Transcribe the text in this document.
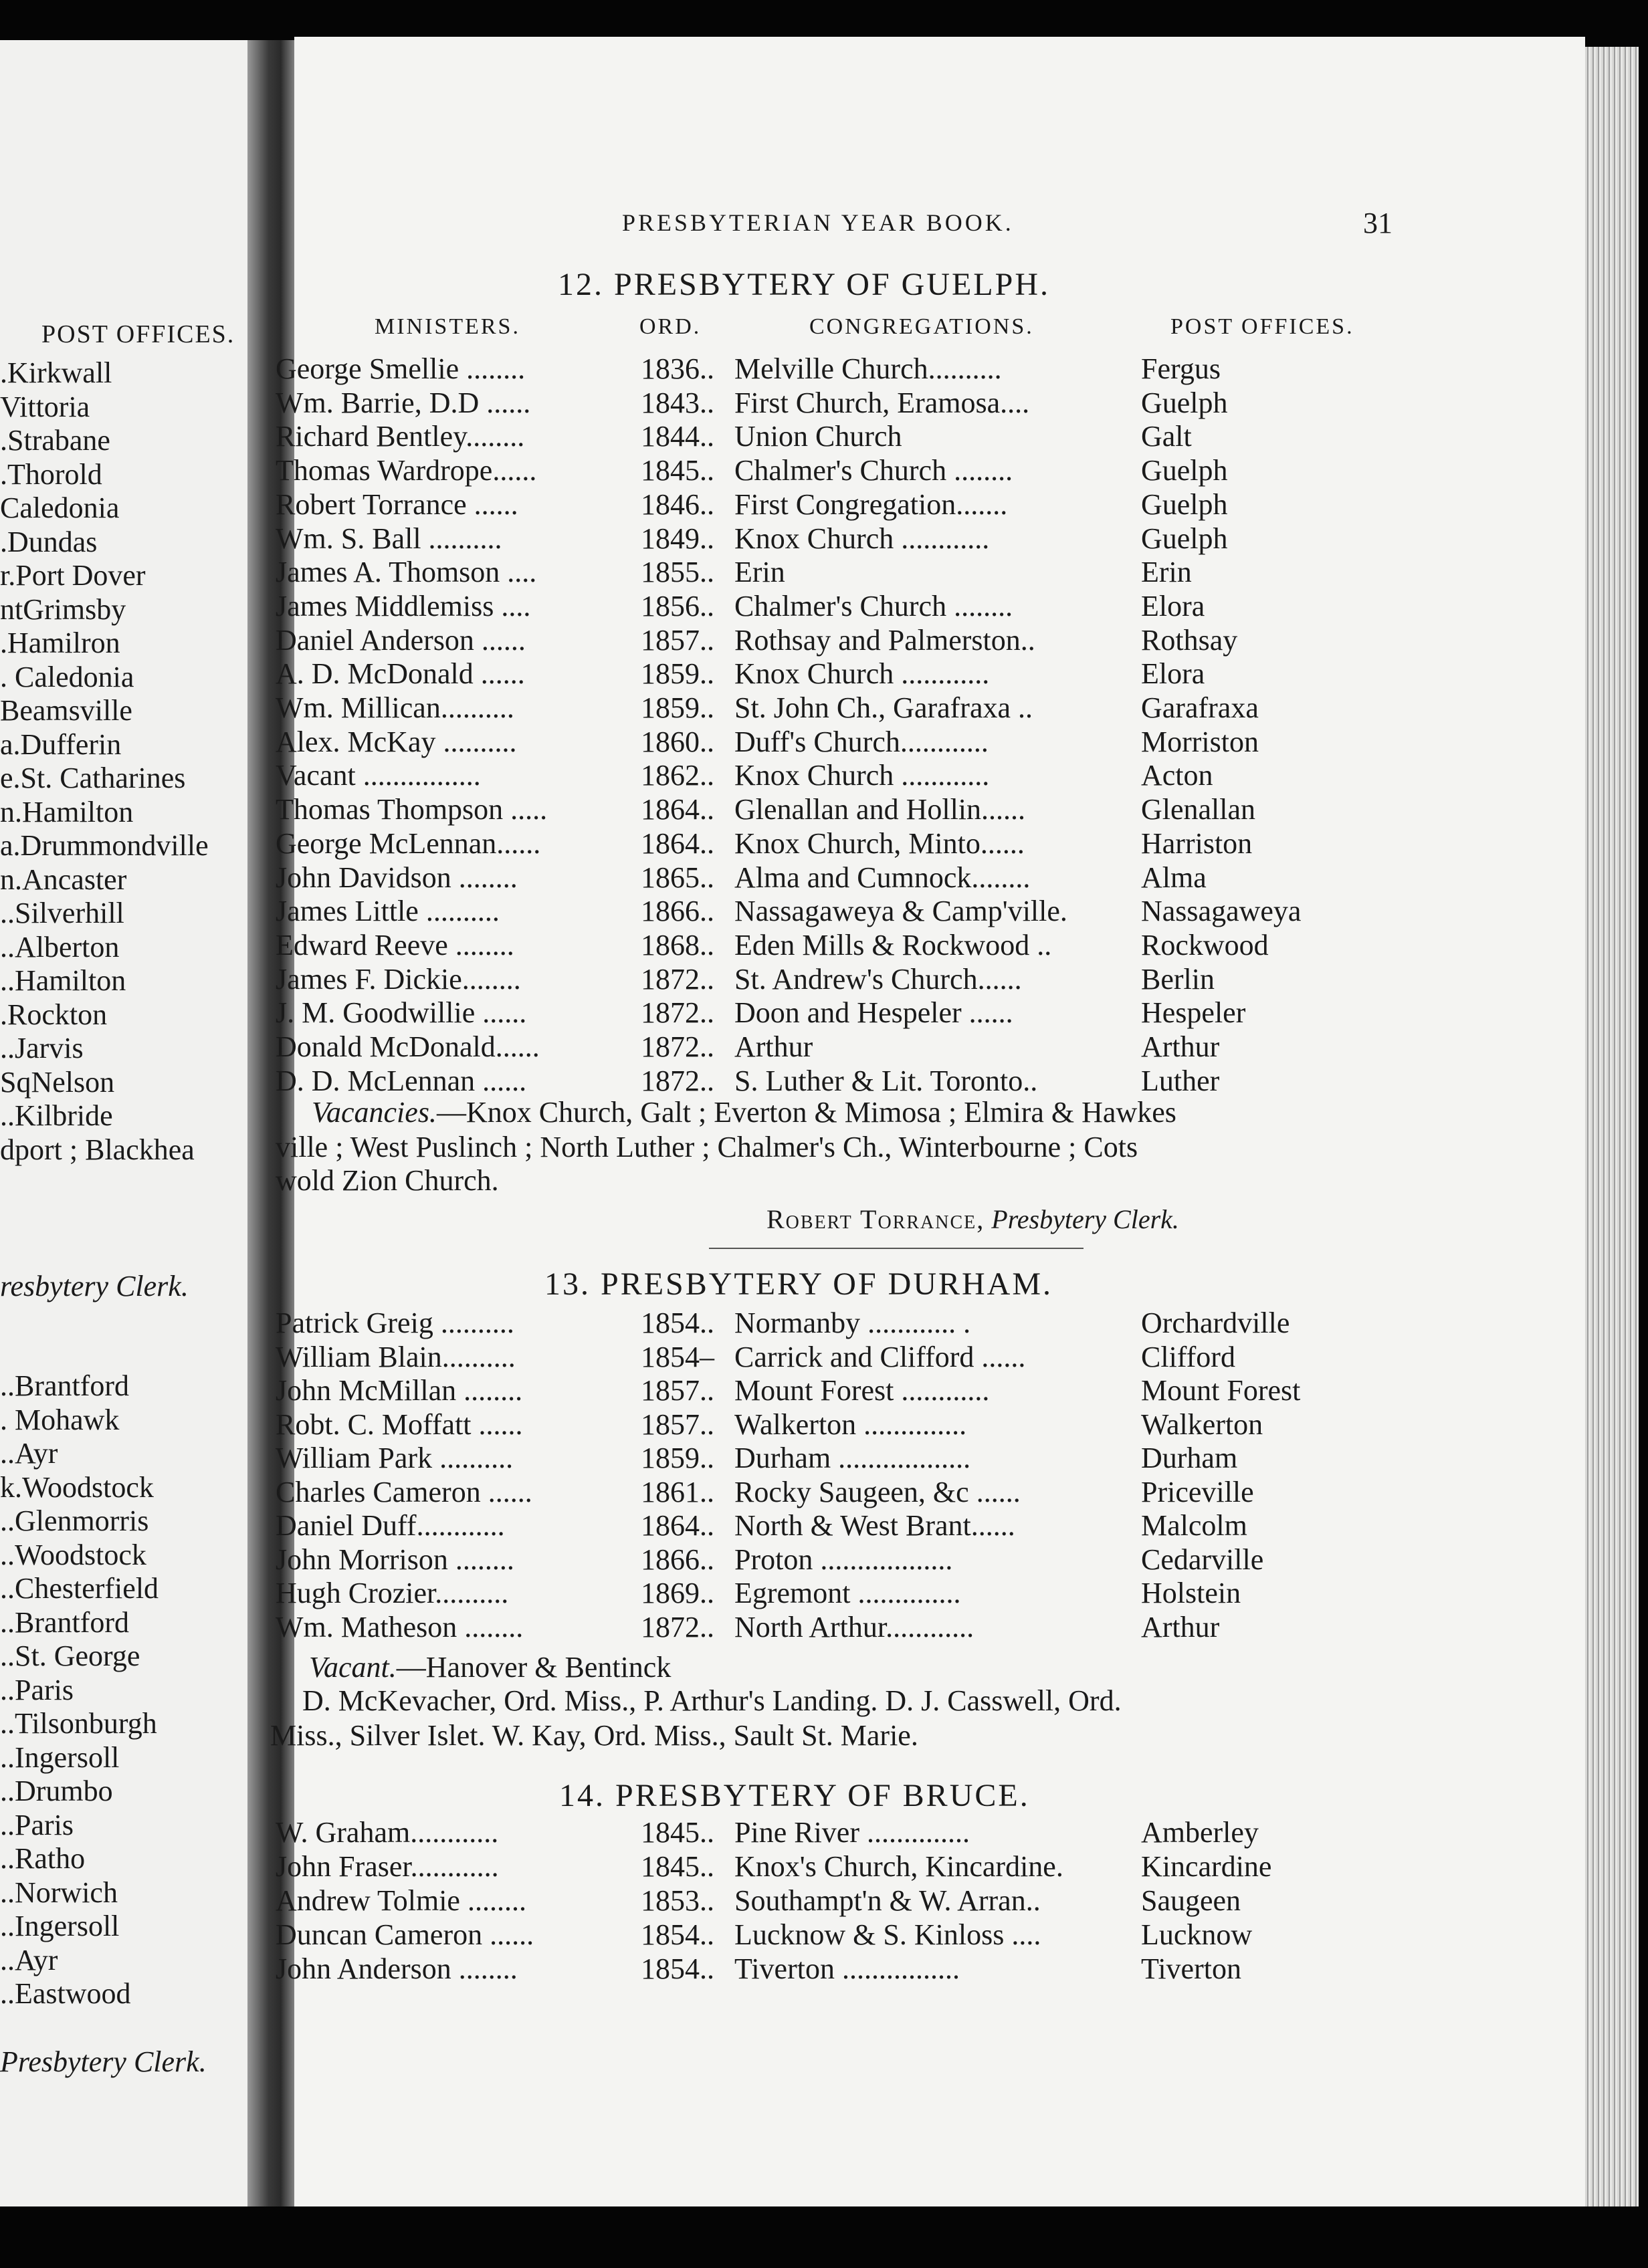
POST OFFICES.
.Kirkwall
Vittoria
.Strabane
.Thorold
Caledonia
.Dundas
r.Port Dover
ntGrimsby
.Hamilron
. Caledonia
Beamsville
a.Dufferin
e.St. Catharines
n.Hamilton
a.Drummondville
n.Ancaster
..Silverhill
..Alberton
..Hamilton
.Rockton
..Jarvis
SqNelson
..Kilbride
dport ; Blackhea
resbytery Clerk.
..Brantford
. Mohawk
..Ayr
k.Woodstock
..Glenmorris
..Woodstock
..Chesterfield
..Brantford
..St. George
..Paris
..Tilsonburgh
..Ingersoll
..Drumbo
..Paris
..Ratho
..Norwich
..Ingersoll
..Ayr
..Eastwood
Presbytery Clerk.
PRESBYTERIAN YEAR BOOK.	31
12. PRESBYTERY OF GUELPH.
MINISTERS.	ORD.	CONGREGATIONS.	POST OFFICES.
George Smellie ........	1836.. Melville Church..........	Fergus
Wm. Barrie, D.D ......	1843.. First Church, Eramosa....	Guelph
Richard Bentley........	1844.. Union Church	Galt
Thomas Wardrope......	1845.. Chalmer's Church ........	Guelph
Robert Torrance ......	1846.. First Congregation.......	Guelph
Wm. S. Ball ..........	1849.. Knox Church ............	Guelph
James A. Thomson ....	1855.. Erin	Erin
James Middlemiss ....	1856.. Chalmer's Church ........	Elora
Daniel Anderson ......	1857.. Rothsay and Palmerston..	Rothsay
A. D. McDonald ......	1859.. Knox Church ............	Elora
Wm. Millican..........	1859.. St. John Ch., Garafraxa ..	Garafraxa
Alex. McKay ..........	1860.. Duff's Church............	Morriston
Vacant ................	1862.. Knox Church ............	Acton
Thomas Thompson .....	1864.. Glenallan and Hollin......	Glenallan
George McLennan......	1864.. Knox Church, Minto......	Harriston
John Davidson ........	1865.. Alma and Cumnock........	Alma
James Little ..........	1866.. Nassagaweya & Camp'ville.	Nassagaweya
Edward Reeve ........	1868.. Eden Mills & Rockwood ..	Rockwood
James F. Dickie........	1872.. St. Andrew's Church......	Berlin
J. M. Goodwillie ......	1872.. Doon and Hespeler ......	Hespeler
Donald McDonald......	1872.. Arthur	Arthur
D. D. McLennan ......	1872.. S. Luther & Lit. Toronto..	Luther
Vacancies.—Knox Church, Galt ; Everton & Mimosa ; Elmira & Hawkes
ville ; West Puslinch ; North Luther ; Chalmer's Ch., Winterbourne ; Cots
wold Zion Church.
Robert Torrance, Presbytery Clerk.
13. PRESBYTERY OF DURHAM.
Patrick Greig ..........	1854.. Normanby ............ .	Orchardville
William Blain..........	1854– Carrick and Clifford ......	Clifford
John McMillan ........	1857.. Mount Forest ............	Mount Forest
Robt. C. Moffatt ......	1857.. Walkerton ..............	Walkerton
William Park ..........	1859.. Durham ..................	Durham
Charles Cameron ......	1861.. Rocky Saugeen, &c ......	Priceville
Daniel Duff............	1864.. North & West Brant......	Malcolm
John Morrison ........	1866.. Proton ..................	Cedarville
Hugh Crozier..........	1869.. Egremont ..............	Holstein
Wm. Matheson ........	1872.. North Arthur............	Arthur
Vacant.—Hanover & Bentinck
D. McKevacher, Ord. Miss., P. Arthur's Landing. D. J. Casswell, Ord.
Miss., Silver Islet. W. Kay, Ord. Miss., Sault St. Marie.
14. PRESBYTERY OF BRUCE.
W. Graham............	1845.. Pine River ..............	Amberley
John Fraser............	1845.. Knox's Church, Kincardine.	Kincardine
Andrew Tolmie ........	1853.. Southampt'n & W. Arran..	Saugeen
Duncan Cameron ......	1854.. Lucknow & S. Kinloss ....	Lucknow
John Anderson ........	1854.. Tiverton ................	Tiverton
